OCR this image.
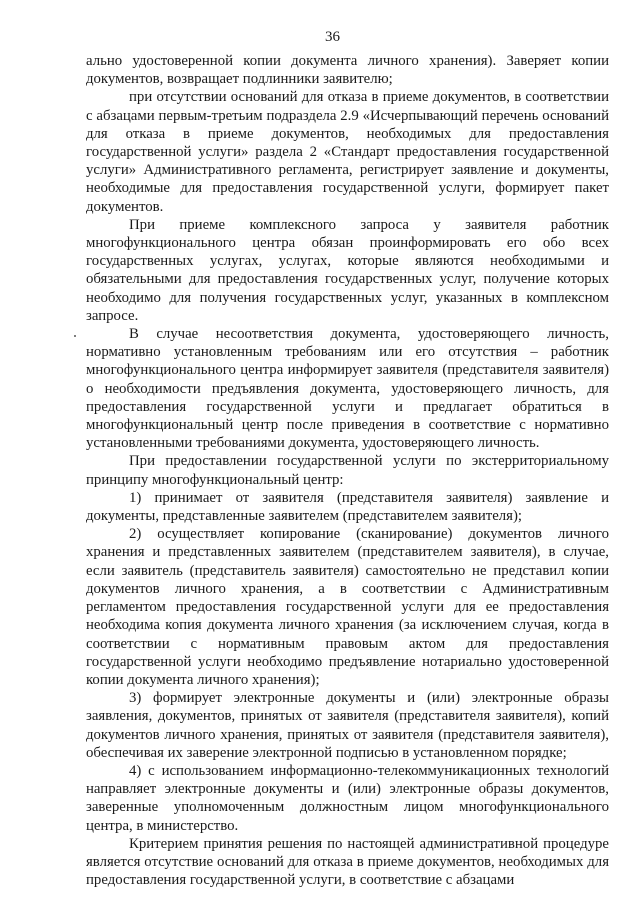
36

ально удостоверенной копии документа личного хранения). Заверяет копии документов, возвращает подлинники заявителю;

при отсутствии оснований для отказа в приеме документов, в соответствии с абзацами первым-третьим подраздела 2.9 «Исчерпывающий перечень оснований для отказа в приеме документов, необходимых для предоставления государственной услуги» раздела 2 «Стандарт предоставления государственной услуги» Административного регламента, регистрирует заявление и документы, необходимые для предоставления государственной услуги, формирует пакет документов.

При приеме комплексного запроса у заявителя работник многофункционального центра обязан проинформировать его обо всех государственных услугах, услугах, которые являются необходимыми и обязательными для предоставления государственных услуг, получение которых необходимо для получения государственных услуг, указанных в комплексном запросе.

В случае несоответствия документа, удостоверяющего личность, нормативно установленным требованиям или его отсутствия – работник многофункционального центра информирует заявителя (представителя заявителя) о необходимости предъявления документа, удостоверяющего личность, для предоставления государственной услуги и предлагает обратиться в многофункциональный центр после приведения в соответствие с нормативно установленными требованиями документа, удостоверяющего личность.

При предоставлении государственной услуги по экстерриториальному принципу многофункциональный центр:

1) принимает от заявителя (представителя заявителя) заявление и документы, представленные заявителем (представителем заявителя);

2) осуществляет копирование (сканирование) документов личного хранения и представленных заявителем (представителем заявителя), в случае, если заявитель (представитель заявителя) самостоятельно не представил копии документов личного хранения, а в соответствии с Административным регламентом предоставления государственной услуги для ее предоставления необходима копия документа личного хранения (за исключением случая, когда в соответствии с нормативным правовым актом для предоставления государственной услуги необходимо предъявление нотариально удостоверенной копии документа личного хранения);

3) формирует электронные документы и (или) электронные образы заявления, документов, принятых от заявителя (представителя заявителя), копий документов личного хранения, принятых от заявителя (представителя заявителя), обеспечивая их заверение электронной подписью в установленном порядке;

4) с использованием информационно-телекоммуникационных технологий направляет электронные документы и (или) электронные образы документов, заверенные уполномоченным должностным лицом многофункционального центра, в министерство.

Критерием принятия решения по настоящей административной процедуре является отсутствие оснований для отказа в приеме документов, необходимых для предоставления государственной услуги, в соответствие с абзацами
